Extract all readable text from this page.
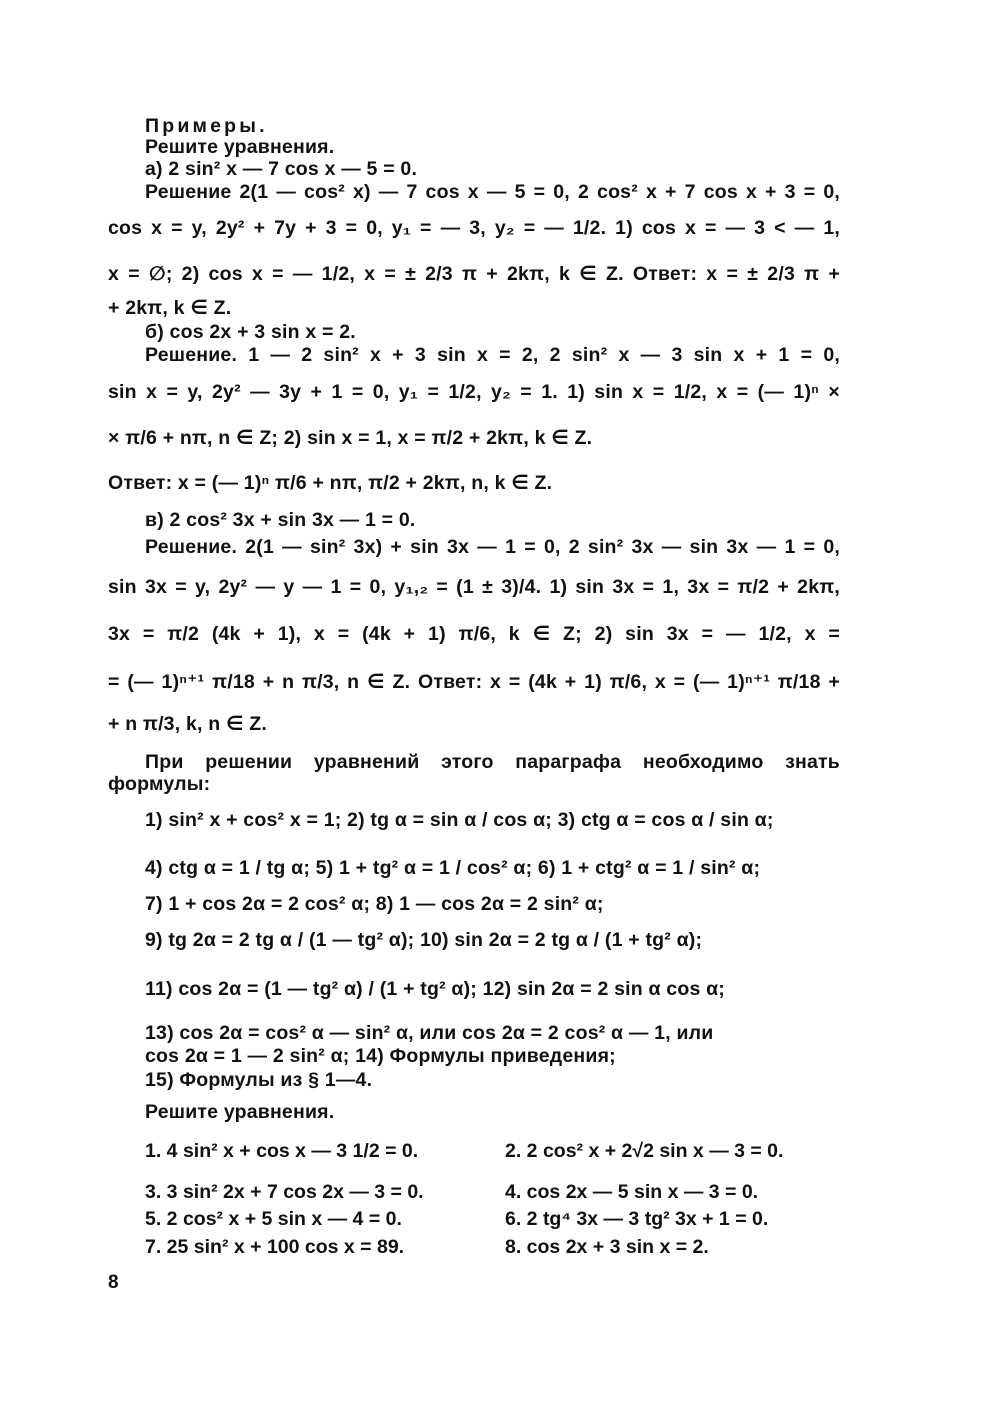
Примеры.
Решите уравнения.
а) 2 sin² x — 7 cos x — 5 = 0.
Решение 2(1 — cos² x) — 7 cos x — 5 = 0, 2 cos² x + 7 cos x + 3 = 0,
cos x = y, 2y² + 7y + 3 = 0, y₁ = — 3, y₂ = — 1/2. 1) cos x = — 3 < — 1,
x = ∅; 2) cos x = — 1/2, x = ± 2/3 π + 2kπ, k ∈ Z. Ответ: x = ± 2/3 π +
+ 2kπ, k ∈ Z.
б) cos 2x + 3 sin x = 2.
Решение. 1 — 2 sin² x + 3 sin x = 2, 2 sin² x — 3 sin x + 1 = 0,
sin x = y, 2y² — 3y + 1 = 0, y₁ = 1/2, y₂ = 1. 1) sin x = 1/2, x = (— 1)ⁿ ×
× π/6 + nπ, n ∈ Z; 2) sin x = 1, x = π/2 + 2kπ, k ∈ Z.
Ответ: x = (— 1)ⁿ π/6 + nπ, π/2 + 2kπ, n, k ∈ Z.
в) 2 cos² 3x + sin 3x — 1 = 0.
Решение. 2(1 — sin² 3x) + sin 3x — 1 = 0, 2 sin² 3x — sin 3x — 1 = 0,
sin 3x = y, 2y² — y — 1 = 0, y₁,₂ = (1 ± 3)/4. 1) sin 3x = 1, 3x = π/2 + 2kπ,
3x = π/2 (4k + 1), x = (4k + 1) π/6, k ∈ Z; 2) sin 3x = — 1/2, x =
= (— 1)ⁿ⁺¹ π/18 + n π/3, n ∈ Z. Ответ: x = (4k + 1) π/6, x = (— 1)ⁿ⁺¹ π/18 +
+ n π/3, k, n ∈ Z.
При решении уравнений этого параграфа необходимо знать
формулы:
1) sin² x + cos² x = 1; 2) tg α = sin α / cos α; 3) ctg α = cos α / sin α;
4) ctg α = 1 / tg α; 5) 1 + tg² α = 1 / cos² α; 6) 1 + ctg² α = 1 / sin² α;
7) 1 + cos 2α = 2 cos² α; 8) 1 — cos 2α = 2 sin² α;
9) tg 2α = 2 tg α / (1 — tg² α); 10) sin 2α = 2 tg α / (1 + tg² α);
11) cos 2α = (1 — tg² α) / (1 + tg² α); 12) sin 2α = 2 sin α cos α;
13) cos 2α = cos² α — sin² α, или cos 2α = 2 cos² α — 1, или
cos 2α = 1 — 2 sin² α; 14) Формулы приведения;
15) Формулы из § 1—4.
Решите уравнения.
1. 4 sin² x + cos x — 3 1/2 = 0.	2. 2 cos² x + 2√2 sin x — 3 = 0.
3. 3 sin² 2x + 7 cos 2x — 3 = 0.	4. cos 2x — 5 sin x — 3 = 0.
5. 2 cos² x + 5 sin x — 4 = 0.	6. 2 tg⁴ 3x — 3 tg² 3x + 1 = 0.
7. 25 sin² x + 100 cos x = 89.	8. cos 2x + 3 sin x = 2.
8
